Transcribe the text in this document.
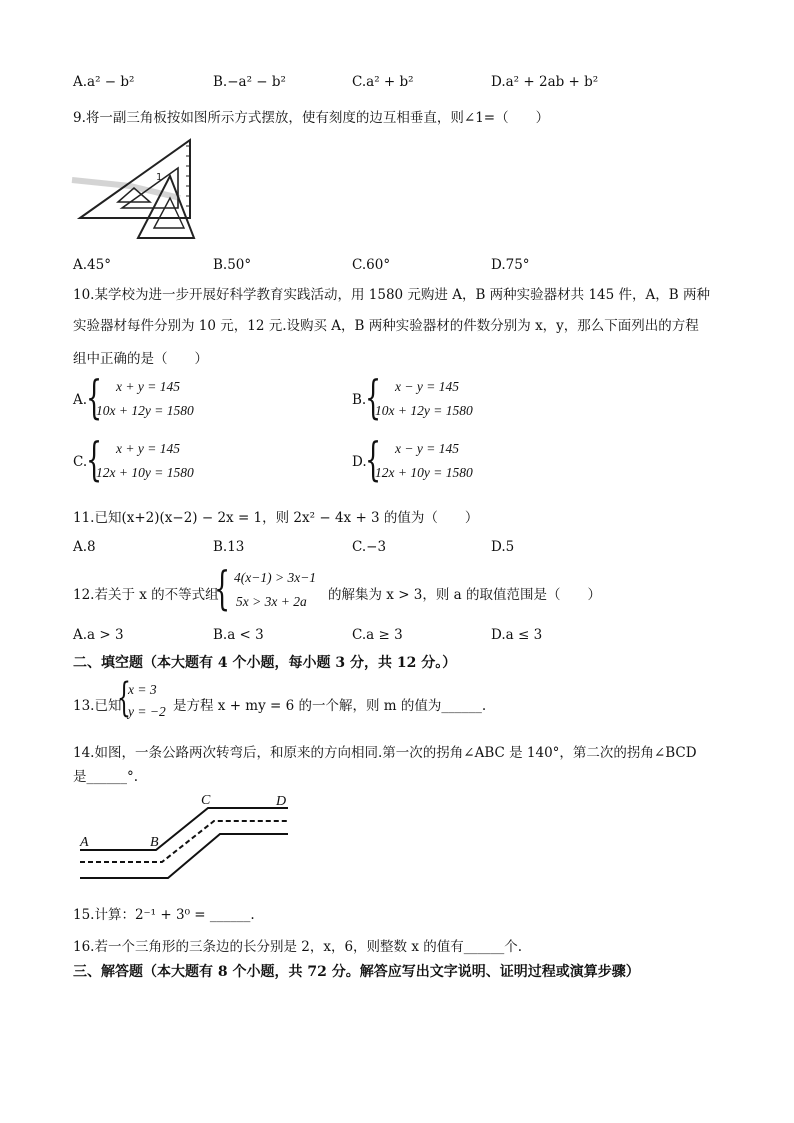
A.a² − b²	B.−a² − b²	C.a² + b²	D.a² + 2ab + b²
9.将一副三角板按如图所示方式摆放，使有刻度的边互相垂直，则∠1=（　　）
1
A.45°	B.50°	C.60°	D.75°
10.某学校为进一步开展好科学教育实践活动，用 1580 元购进 A，B 两种实验器材共 145 件，A，B 两种
实验器材每件分别为 10 元，12 元.设购买 A，B 两种实验器材的件数分别为 x，y，那么下面列出的方程
组中正确的是（　　）
A.
{ x + y = 145
10x + 12y = 1580
B.
{ x − y = 145
10x + 12y = 1580
C.
{ x + y = 145
12x + 10y = 1580
D.
{ x − y = 145
12x + 10y = 1580
11.已知(x+2)(x−2) − 2x = 1，则 2x² − 4x + 3 的值为（　　）
A.8	B.13	C.−3	D.5
12.若关于 x 的不等式组
{ 4(x−1) > 3x−1
5x > 3x + 2a 的解集为 x > 3，则 a 的取值范围是（　　）
A.a > 3	B.a < 3	C.a ≥ 3	D.a ≤ 3
二、填空题（本大题有 4 个小题，每小题 3 分，共 12 分。）
13.已知
{
x = 3
y = −2 是方程 x + my = 6 的一个解，则 m 的值为______.
14.如图，一条公路两次转弯后，和原来的方向相同.第一次的拐角∠ABC 是 140°，第二次的拐角∠BCD
是______°.
A	B
C	D
15.计算：2⁻¹ + 3⁰ = ______.
16.若一个三角形的三条边的长分别是 2，x，6，则整数 x 的值有______个.
三、解答题（本大题有 8 个小题，共 72 分。解答应写出文字说明、证明过程或演算步骤）
